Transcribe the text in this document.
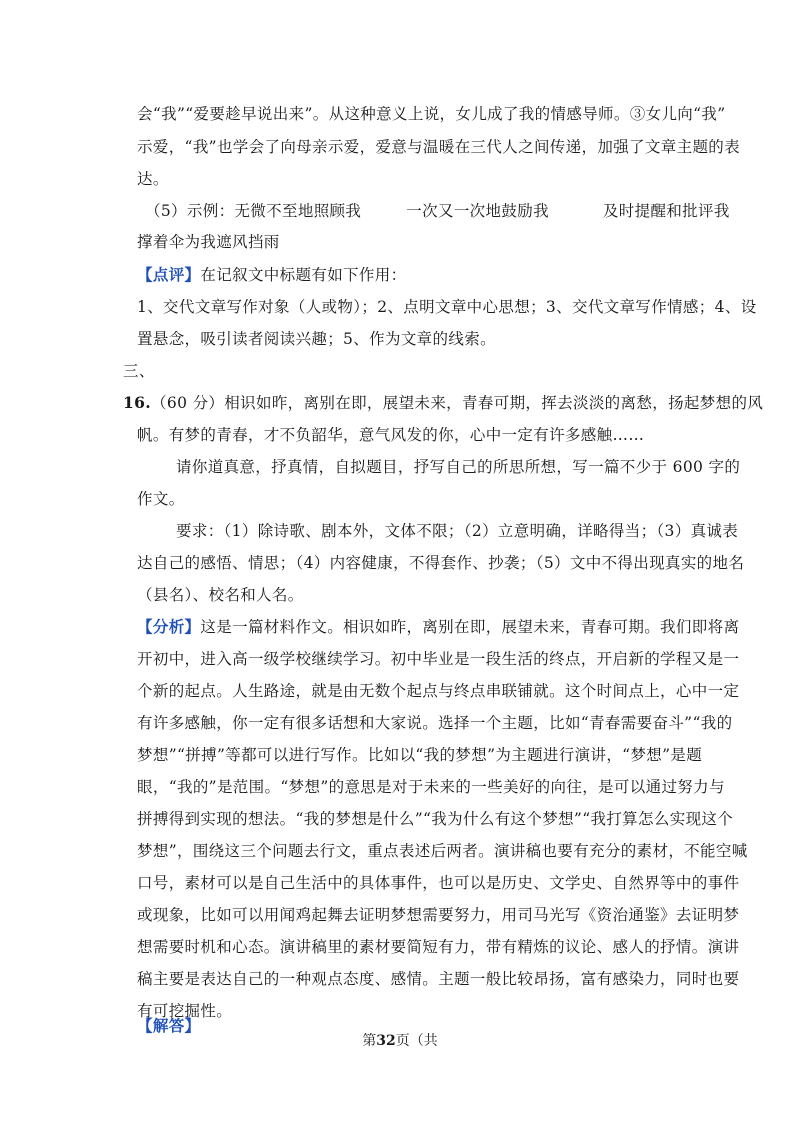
会“我”“爱要趁早说出来”。从这种意义上说，女儿成了我的情感导师。③女儿向“我”
示爱，“我”也学会了向母亲示爱，爱意与温暖在三代人之间传递，加强了文章主题的表
达。
（5）示例：无微不至地照顾我	一次又一次地鼓励我	及时提醒和批评我
撑着伞为我遮风挡雨
【点评】在记叙文中标题有如下作用：
1、交代文章写作对象（人或物）；2、点明文章中心思想；3、交代文章写作情感；4、设
置悬念，吸引读者阅读兴趣；5、作为文章的线索。
三、
16.（60 分）相识如昨，离别在即，展望未来，青春可期，挥去淡淡的离愁，扬起梦想的风
帆。有梦的青春，才不负韶华，意气风发的你，心中一定有许多感触……
请你道真意，抒真情，自拟题目，抒写自己的所思所想，写一篇不少于 600 字的
作文。
要求：（1）除诗歌、剧本外，文体不限；（2）立意明确，详略得当；（3）真诚表
达自己的感悟、情思；（4）内容健康，不得套作、抄袭；（5）文中不得出现真实的地名
（县名）、校名和人名。
【分析】这是一篇材料作文。相识如昨，离别在即，展望未来，青春可期。我们即将离
开初中，进入高一级学校继续学习。初中毕业是一段生活的终点，开启新的学程又是一
个新的起点。人生路途，就是由无数个起点与终点串联铺就。这个时间点上，心中一定
有许多感触，你一定有很多话想和大家说。选择一个主题，比如“青春需要奋斗”“我的
梦想”“拼搏”等都可以进行写作。比如以“我的梦想”为主题进行演讲，“梦想”是题
眼，“我的”是范围。“梦想”的意思是对于未来的一些美好的向往，是可以通过努力与
拼搏得到实现的想法。“我的梦想是什么”“我为什么有这个梦想”“我打算怎么实现这个
梦想”，围绕这三个问题去行文，重点表述后两者。演讲稿也要有充分的素材，不能空喊
口号，素材可以是自己生活中的具体事件，也可以是历史、文学史、自然界等中的事件
或现象，比如可以用闻鸡起舞去证明梦想需要努力，用司马光写《资治通鉴》去证明梦
想需要时机和心态。演讲稿里的素材要简短有力，带有精炼的议论、感人的抒情。演讲
稿主要是表达自己的一种观点态度、感情。主题一般比较昂扬，富有感染力，同时也要
有可挖掘性。
【解答】
第32页（共
